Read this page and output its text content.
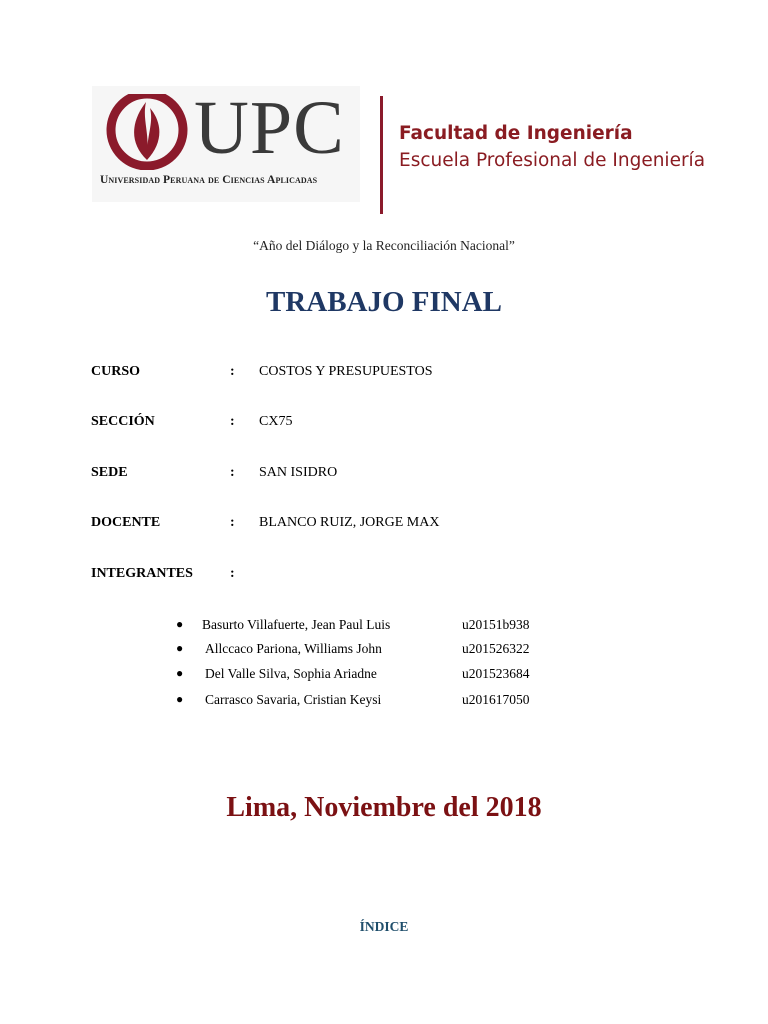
UPC
Universidad Peruana de Ciencias Aplicadas
Facultad de Ingeniería
Escuela Profesional de Ingeniería
“Año del Diálogo y la Reconciliación Nacional”
TRABAJO FINAL
CURSO	: COSTOS Y PRESUPUESTOS
SECCIÓN	: CX75
SEDE	: SAN ISIDRO
DOCENTE	: BLANCO RUIZ, JORGE MAX
INTEGRANTES	:
● Basurto Villafuerte, Jean Paul Luis	u20151b938
● Allccaco Pariona, Williams John	u201526322
● Del Valle Silva, Sophia Ariadne	u201523684
● Carrasco Savaria, Cristian Keysi	u201617050
Lima, Noviembre del 2018
ÍNDICE
